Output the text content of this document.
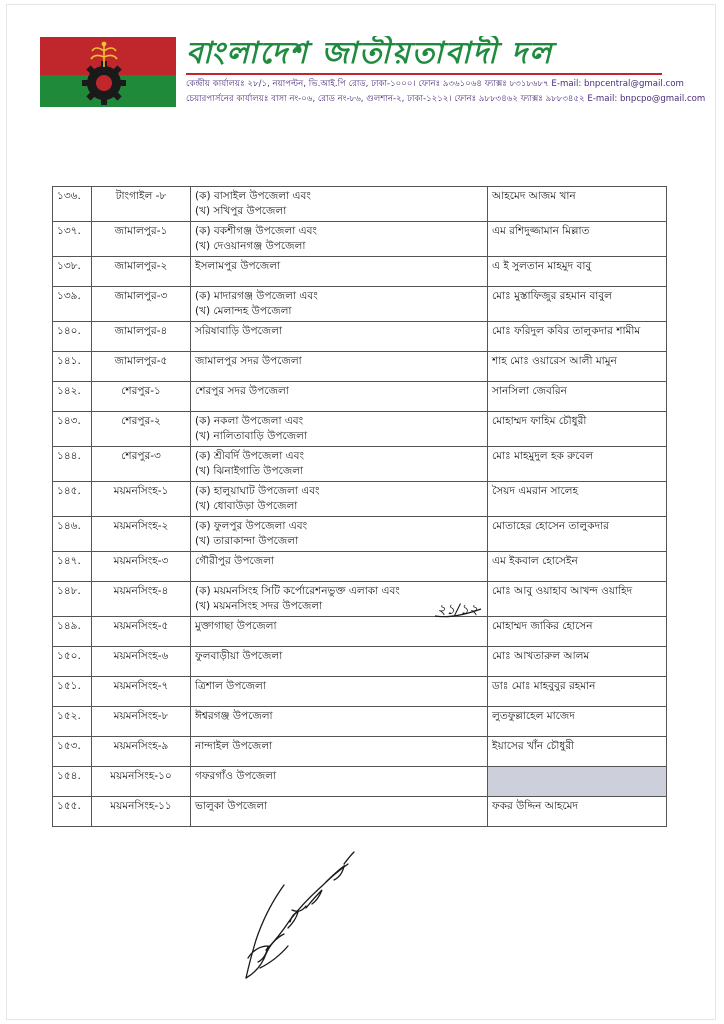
বাংলাদেশ জাতীয়তাবাদী দল
কেন্দ্রীয় কার্যালয়ঃ ২৮/১, নয়াপল্টন, ভি.আই.পি রোড, ঢাকা-১০০০। ফোনঃ ৯৩৬১০৬৪ ফ্যাক্সঃ ৮৩১৮৬৮৭ E-mail: bnpcentral@gmail.com
চেয়ারপার্সনের কার্যালয়ঃ বাসা নং-০৬, রোড নং-৮৬, গুলশান-২, ঢাকা-১২১২। ফোনঃ ৯৮৮৩৪৬২ ফ্যাক্সঃ ৯৮৮৩৪৫২ E-mail: bnpcpo@gmail.com
১৩৬.	টাংগাইল -৮	(ক) বাসাইল উপজেলা এবং
(খ) সখিপুর উপজেলা	আহমেদ আজম খান
১৩৭.	জামালপুর-১	(ক) বকশীগঞ্জ উপজেলা এবং
(খ) দেওয়ানগঞ্জ উপজেলা	এম রশিদুজ্জামান মিল্লাত
১৩৮.	জামালপুর-২	ইসলামপুর উপজেলা	এ ই সুলতান মাহমুদ বাবু
১৩৯.	জামালপুর-৩	(ক) মাদারগঞ্জ উপজেলা এবং
(খ) মেলান্দহ উপজেলা	মোঃ মুস্তাফিজুর রহমান বাবুল
১৪০.	জামালপুর-৪	সরিষাবাড়ি উপজেলা	মোঃ ফরিদুল কবির তালুকদার শামীম
১৪১.	জামালপুর-৫	জামালপুর সদর উপজেলা	শাহ মোঃ ওয়ারেস আলী মামুন
১৪২.	শেরপুর-১	শেরপুর সদর উপজেলা	সানসিলা জেবরিন
১৪৩.	শেরপুর-২	(ক) নকলা উপজেলা এবং
(খ) নালিতাবাড়ি উপজেলা	মোহাম্মদ ফাহিম চৌধুরী
১৪৪.	শেরপুর-৩	(ক) শ্রীবর্দি উপজেলা এবং
(খ) ঝিনাইগাতি উপজেলা	মোঃ মাহমুদুল হক রুবেল
১৪৫.	ময়মনসিংহ-১	(ক) হালুয়াঘাট উপজেলা এবং
(খ) ধোবাউড়া উপজেলা	সৈয়দ এমরান সালেহ
১৪৬.	ময়মনসিংহ-২	(ক) ফুলপুর উপজেলা এবং
(খ) তারাকান্দা উপজেলা	মোতাহের হোসেন তালুকদার
১৪৭.	ময়মনসিংহ-৩	গৌরীপুর উপজেলা	এম ইকবাল হোসেইন
১৪৮.	ময়মনসিংহ-৪	(ক) ময়মনসিংহ সিটি কর্পোরেশনভুক্ত এলাকা এবং
(খ) ময়মনসিংহ সদর উপজেলা	মোঃ আবু ওয়াহাব আখন্দ ওয়াহিদ
১৪৯.	ময়মনসিংহ-৫	মুক্তাগাছা উপজেলা	মোহাম্মদ জাকির হোসেন
১৫০.	ময়মনসিংহ-৬	ফুলবাড়ীয়া উপজেলা	মোঃ আখতারুল আলম
১৫১.	ময়মনসিংহ-৭	ত্রিশাল উপজেলা	ডাঃ মোঃ মাহবুবুর রহমান
১৫২.	ময়মনসিংহ-৮	ঈশ্বরগঞ্জ উপজেলা	লুতফুল্লাহেল মাজেদ
১৫৩.	ময়মনসিংহ-৯	নান্দাইল উপজেলা	ইয়াসের খাঁন চৌধুরী
১৫৪.	ময়মনসিংহ-১০	গফরগাঁও উপজেলা	

১৫৫.	ময়মনসিংহ-১১	ভালুকা উপজেলা	ফকর উদ্দিন আহমেদ
২১/১২
